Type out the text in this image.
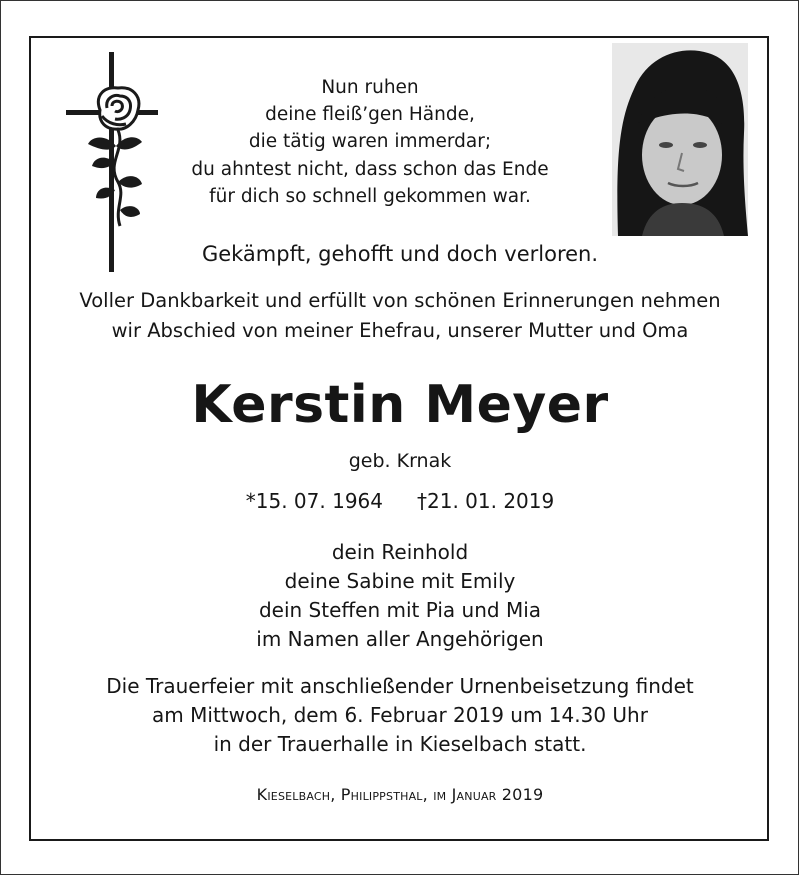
Nun ruhen
deine fleiß’gen Hände,
die tätig waren immerdar;
du ahntest nicht, dass schon das Ende
für dich so schnell gekommen war.
Gekämpft, gehofft und doch verloren.
Voller Dankbarkeit und erfüllt von schönen Erinnerungen nehmen
wir Abschied von meiner Ehefrau, unserer Mutter und Oma
Kerstin Meyer
geb. Krnak
*15. 07. 1964 †21. 01. 2019
dein Reinhold
deine Sabine mit Emily
dein Steffen mit Pia und Mia
im Namen aller Angehörigen
Die Trauerfeier mit anschließender Urnenbeisetzung findet
am Mittwoch, dem 6. Februar 2019 um 14.30 Uhr
in der Trauerhalle in Kieselbach statt.
Kieselbach, Philippsthal, im Januar 2019
